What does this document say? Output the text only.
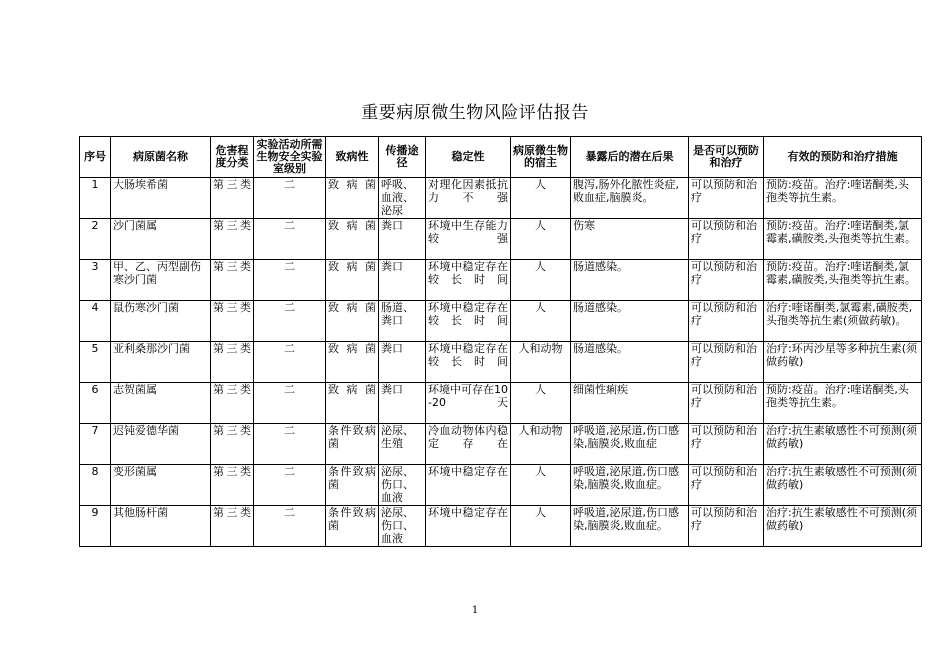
重要病原微生物风险评估报告
序号	病原菌名称	危害程度分类	实验活动所需生物安全实验室级别	致病性	传播途径	稳定性	病原微生物的宿主	暴露后的潜在后果	是否可以预防和治疗	有效的预防和治疗措施
1	大肠埃希菌	第三类	二	致病菌	呼吸、血液、泌尿	对理化因素抵抗力不强	人	腹泻,肠外化脓性炎症,败血症,脑膜炎。	可以预防和治疗	预防:疫苗。治疗:喹诺酮类,头孢类等抗生素。
2	沙门菌属	第三类	二	致病菌	粪口	环境中生存能力较强	人	伤寒	可以预防和治疗	预防:疫苗。治疗:喹诺酮类,氯霉素,磺胺类,头孢类等抗生素。
3	甲、乙、丙型副伤寒沙门菌	第三类	二	致病菌	粪口	环境中稳定存在较长时间	人	肠道感染。	可以预防和治疗	预防:疫苗。治疗:喹诺酮类,氯霉素,磺胺类,头孢类等抗生素。
4	鼠伤寒沙门菌	第三类	二	致病菌	肠道、粪口	环境中稳定存在较长时间	人	肠道感染。	可以预防和治疗	治疗:喹诺酮类,氯霉素,磺胺类,头孢类等抗生素(须做药敏)。
5	亚利桑那沙门菌	第三类	二	致病菌	粪口	环境中稳定存在较长时间	人和动物	肠道感染。	可以预防和治疗	治疗:环丙沙星等多种抗生素(须做药敏)
6	志贺菌属	第三类	二	致病菌	粪口	环境中可存在10-20天	人	细菌性痢疾	可以预防和治疗	预防:疫苗。治疗:喹诺酮类,头孢类等抗生素。
7	迟钝爱德华菌	第三类	二	条件致病菌	泌尿、生殖	冷血动物体内稳定存在	人和动物	呼吸道,泌尿道,伤口感染,脑膜炎,败血症	可以预防和治疗	治疗:抗生素敏感性不可预测(须做药敏)
8	变形菌属	第三类	二	条件致病菌	泌尿、伤口、血液	环境中稳定存在	人	呼吸道,泌尿道,伤口感染,脑膜炎,败血症。	可以预防和治疗	治疗:抗生素敏感性不可预测(须做药敏)
9	其他肠杆菌	第三类	二	条件致病菌	泌尿、伤口、血液	环境中稳定存在	人	呼吸道,泌尿道,伤口感染,脑膜炎,败血症。	可以预防和治疗	治疗:抗生素敏感性不可预测(须做药敏)
1
